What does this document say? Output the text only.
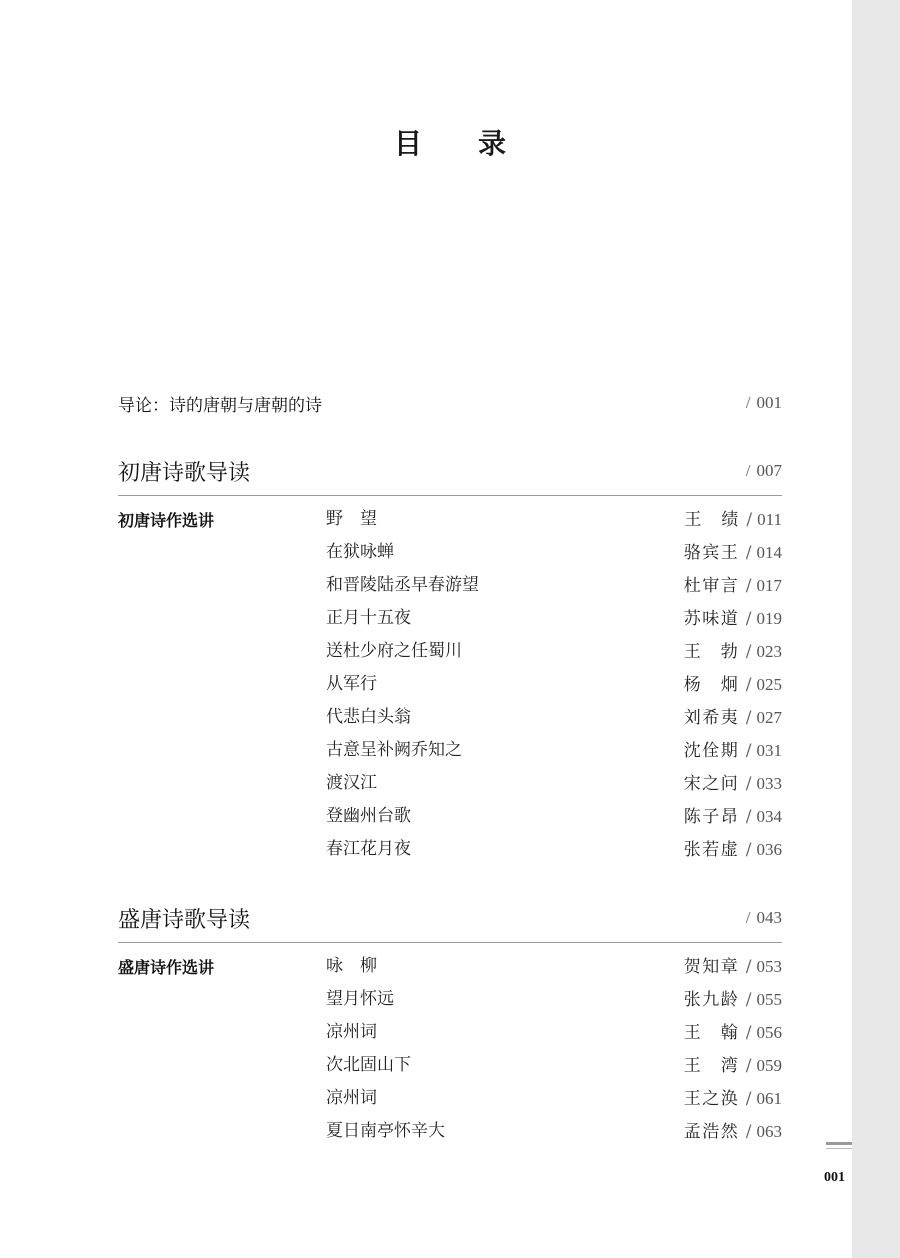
目录
导论：诗的唐朝与唐朝的诗	/ 001
初唐诗歌导读	/ 007
初唐诗作选讲	野　望	王绩 / 011
在狱咏蝉	骆宾王 / 014
和晋陵陆丞早春游望	杜审言 / 017
正月十五夜	苏味道 / 019
送杜少府之任蜀川	王勃 / 023
从军行	杨炯 / 025
代悲白头翁	刘希夷 / 027
古意呈补阙乔知之	沈佺期 / 031
渡汉江	宋之问 / 033
登幽州台歌	陈子昂 / 034
春江花月夜	张若虚 / 036
盛唐诗歌导读	/ 043
盛唐诗作选讲	咏　柳	贺知章 / 053
望月怀远	张九龄 / 055
凉州词	王翰 / 056
次北固山下	王湾 / 059
凉州词	王之涣 / 061
夏日南亭怀辛大	孟浩然 / 063
001
